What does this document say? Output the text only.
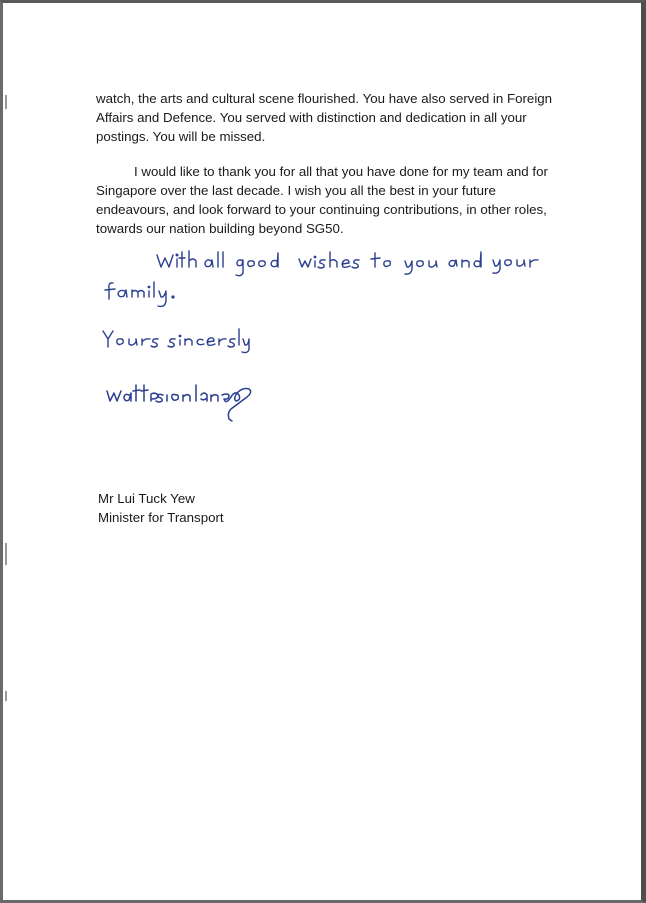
watch, the arts and cultural scene flourished. You have also served in Foreign
Affairs and Defence. You served with distinction and dedication in all your
postings. You will be missed.
I would like to thank you for all that you have done for my team and for
Singapore over the last decade. I wish you all the best in your future
endeavours, and look forward to your continuing contributions, in other roles,
towards our nation building beyond SG50.
Mr Lui Tuck Yew
Minister for Transport
